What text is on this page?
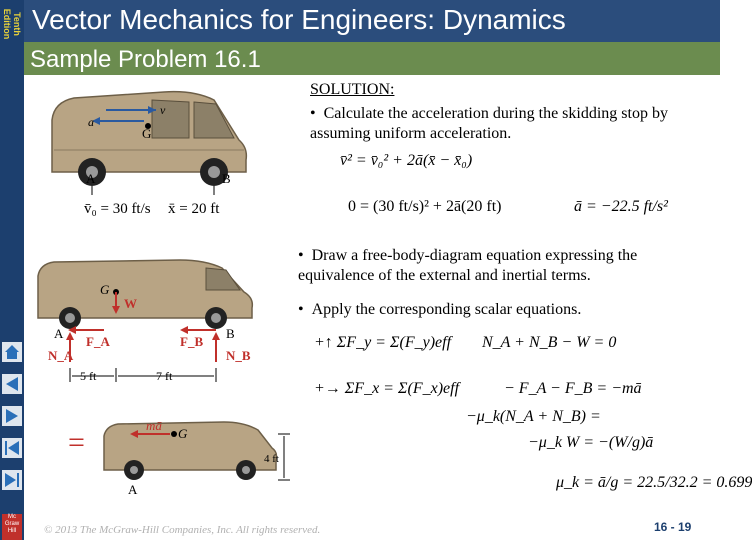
Tenth Edition Vector Mechanics for Engineers: Dynamics
Sample Problem 16.1
Mc Graw Hill
v
a
G
A	B
v̄₀ = 30 ft/s x̄ = 20 ft
G
W
A	B
F_A
N_A
F_B
N_B
5 ft	7 ft
=
mā
G
A
4 ft
SOLUTION:
•  Calculate the acceleration during the skidding stop by assuming uniform acceleration.
v̄² = v̄₀² + 2ā(x̄ − x̄₀)
0 = (30 ft/s)² + 2ā(20 ft)	ā = −22.5 ft/s²
•  Draw a free-body-diagram equation expressing the equivalence of the external and inertial terms.
•  Apply the corresponding scalar equations.
+↑ ΣF_y = Σ(F_y)eff N_A + N_B − W = 0
+→ ΣF_x = Σ(F_x)eff	− F_A − F_B = −mā
−μ_k(N_A + N_B) =
−μ_k W = −(W/g)ā
μ_k = ā/g = 22.5/32.2 = 0.699
© 2013 The McGraw-Hill Companies, Inc. All rights reserved.	16 - 19
